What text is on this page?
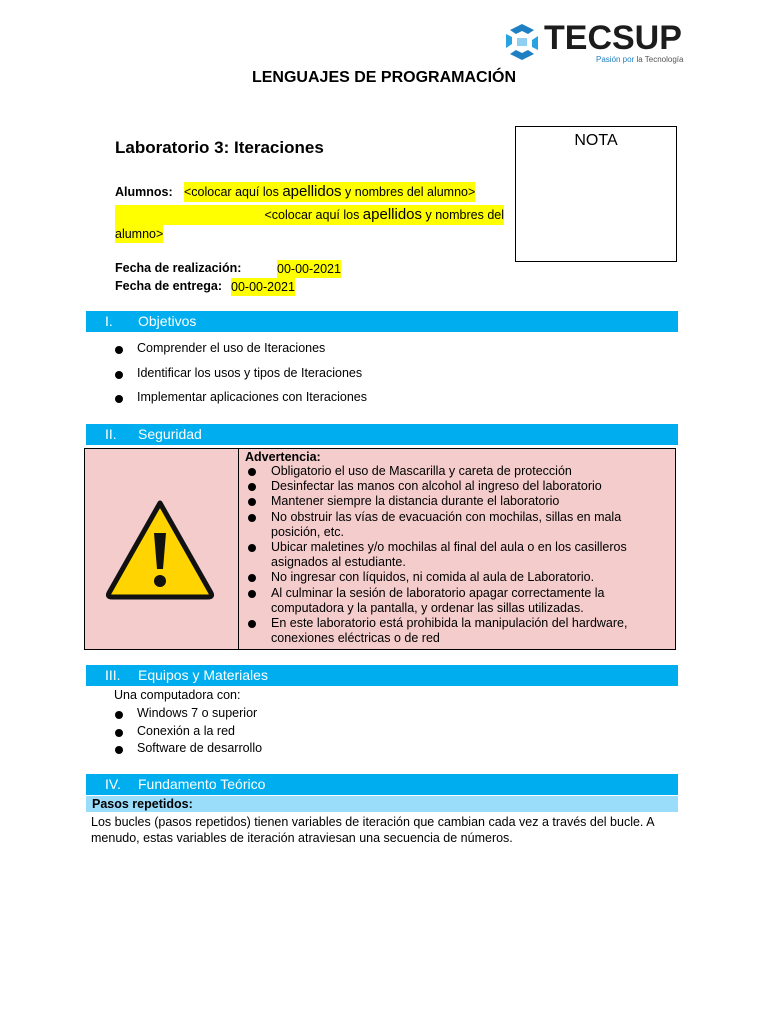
TECSUP
Pasión por la Tecnología
LENGUAJES DE PROGRAMACIÓN
Laboratorio 3: Iteraciones	NOTA
Alumnos: <colocar aquí los apellidos y nombres del alumno>
<colocar aquí los apellidos y nombres del
alumno>
Fecha de realización:	00-00-2021
Fecha de entrega: 00-00-2021
I. Objetivos
Comprender el uso de Iteraciones
Identificar los usos y tipos de Iteraciones
Implementar aplicaciones con Iteraciones
II. Seguridad
Advertencia:
Obligatorio el uso de Mascarilla y careta de protección
Desinfectar las manos con alcohol al ingreso del laboratorio
Mantener siempre la distancia durante el laboratorio
No obstruir las vías de evacuación con mochilas, sillas en mala posición, etc.
Ubicar maletines y/o mochilas al final del aula o en los casilleros asignados al estudiante.
No ingresar con líquidos, ni comida al aula de Laboratorio.
Al culminar la sesión de laboratorio apagar correctamente la computadora y la pantalla, y ordenar las sillas utilizadas.
En este laboratorio está prohibida la manipulación del hardware, conexiones eléctricas o de red
III. Equipos y Materiales
Una computadora con:
Windows 7 o superior
Conexión a la red
Software de desarrollo
IV. Fundamento Teórico
Pasos repetidos:
Los bucles (pasos repetidos) tienen variables de iteración que cambian cada vez a través del bucle. A menudo, estas variables de iteración atraviesan una secuencia de números.
